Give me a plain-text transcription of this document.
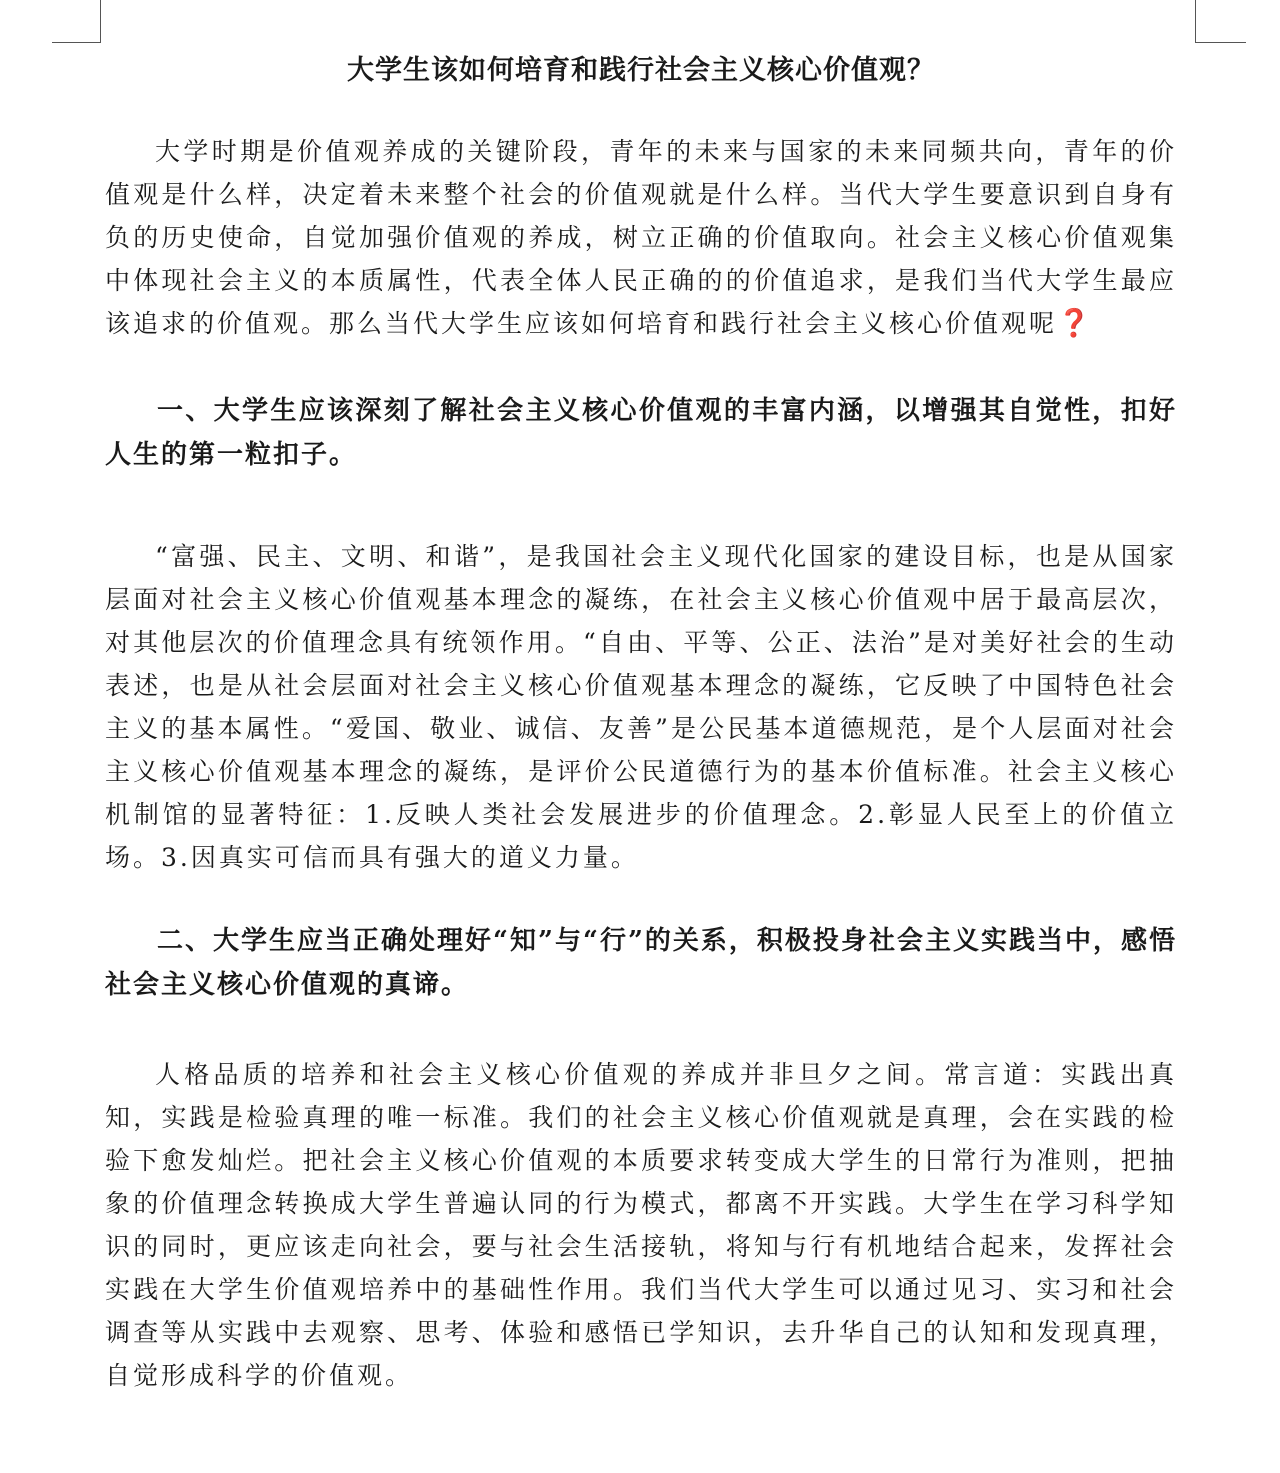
大学生该如何培育和践行社会主义核心价值观？

大学时期是价值观养成的关键阶段，青年的未来与国家的未来同频共向，青年的价值观是什么样，决定着未来整个社会的价值观就是什么样。当代大学生要意识到自身有负的历史使命，自觉加强价值观的养成，树立正确的价值取向。社会主义核心价值观集中体现社会主义的本质属性，代表全体人民正确的的价值追求，是我们当代大学生最应该追求的价值观。那么当代大学生应该如何培育和践行社会主义核心价值观呢❓

一、大学生应该深刻了解社会主义核心价值观的丰富内涵，以增强其自觉性，扣好人生的第一粒扣子。

“富强、民主、文明、和谐”，是我国社会主义现代化国家的建设目标，也是从国家层面对社会主义核心价值观基本理念的凝练，在社会主义核心价值观中居于最高层次，对其他层次的价值理念具有统领作用。“自由、平等、公正、法治”是对美好社会的生动表述，也是从社会层面对社会主义核心价值观基本理念的凝练，它反映了中国特色社会主义的基本属性。“爱国、敬业、诚信、友善”是公民基本道德规范，是个人层面对社会主义核心价值观基本理念的凝练，是评价公民道德行为的基本价值标准。社会主义核心机制馆的显著特征：1.反映人类社会发展进步的价值理念。2.彰显人民至上的价值立场。3.因真实可信而具有强大的道义力量。

二、大学生应当正确处理好“知”与“行”的关系，积极投身社会主义实践当中，感悟社会主义核心价值观的真谛。

人格品质的培养和社会主义核心价值观的养成并非旦夕之间。常言道：实践出真知，实践是检验真理的唯一标准。我们的社会主义核心价值观就是真理，会在实践的检验下愈发灿烂。把社会主义核心价值观的本质要求转变成大学生的日常行为准则，把抽象的价值理念转换成大学生普遍认同的行为模式，都离不开实践。大学生在学习科学知识的同时，更应该走向社会，要与社会生活接轨，将知与行有机地结合起来，发挥社会实践在大学生价值观培养中的基础性作用。我们当代大学生可以通过见习、实习和社会调查等从实践中去观察、思考、体验和感悟已学知识，去升华自己的认知和发现真理，自觉形成科学的价值观。
